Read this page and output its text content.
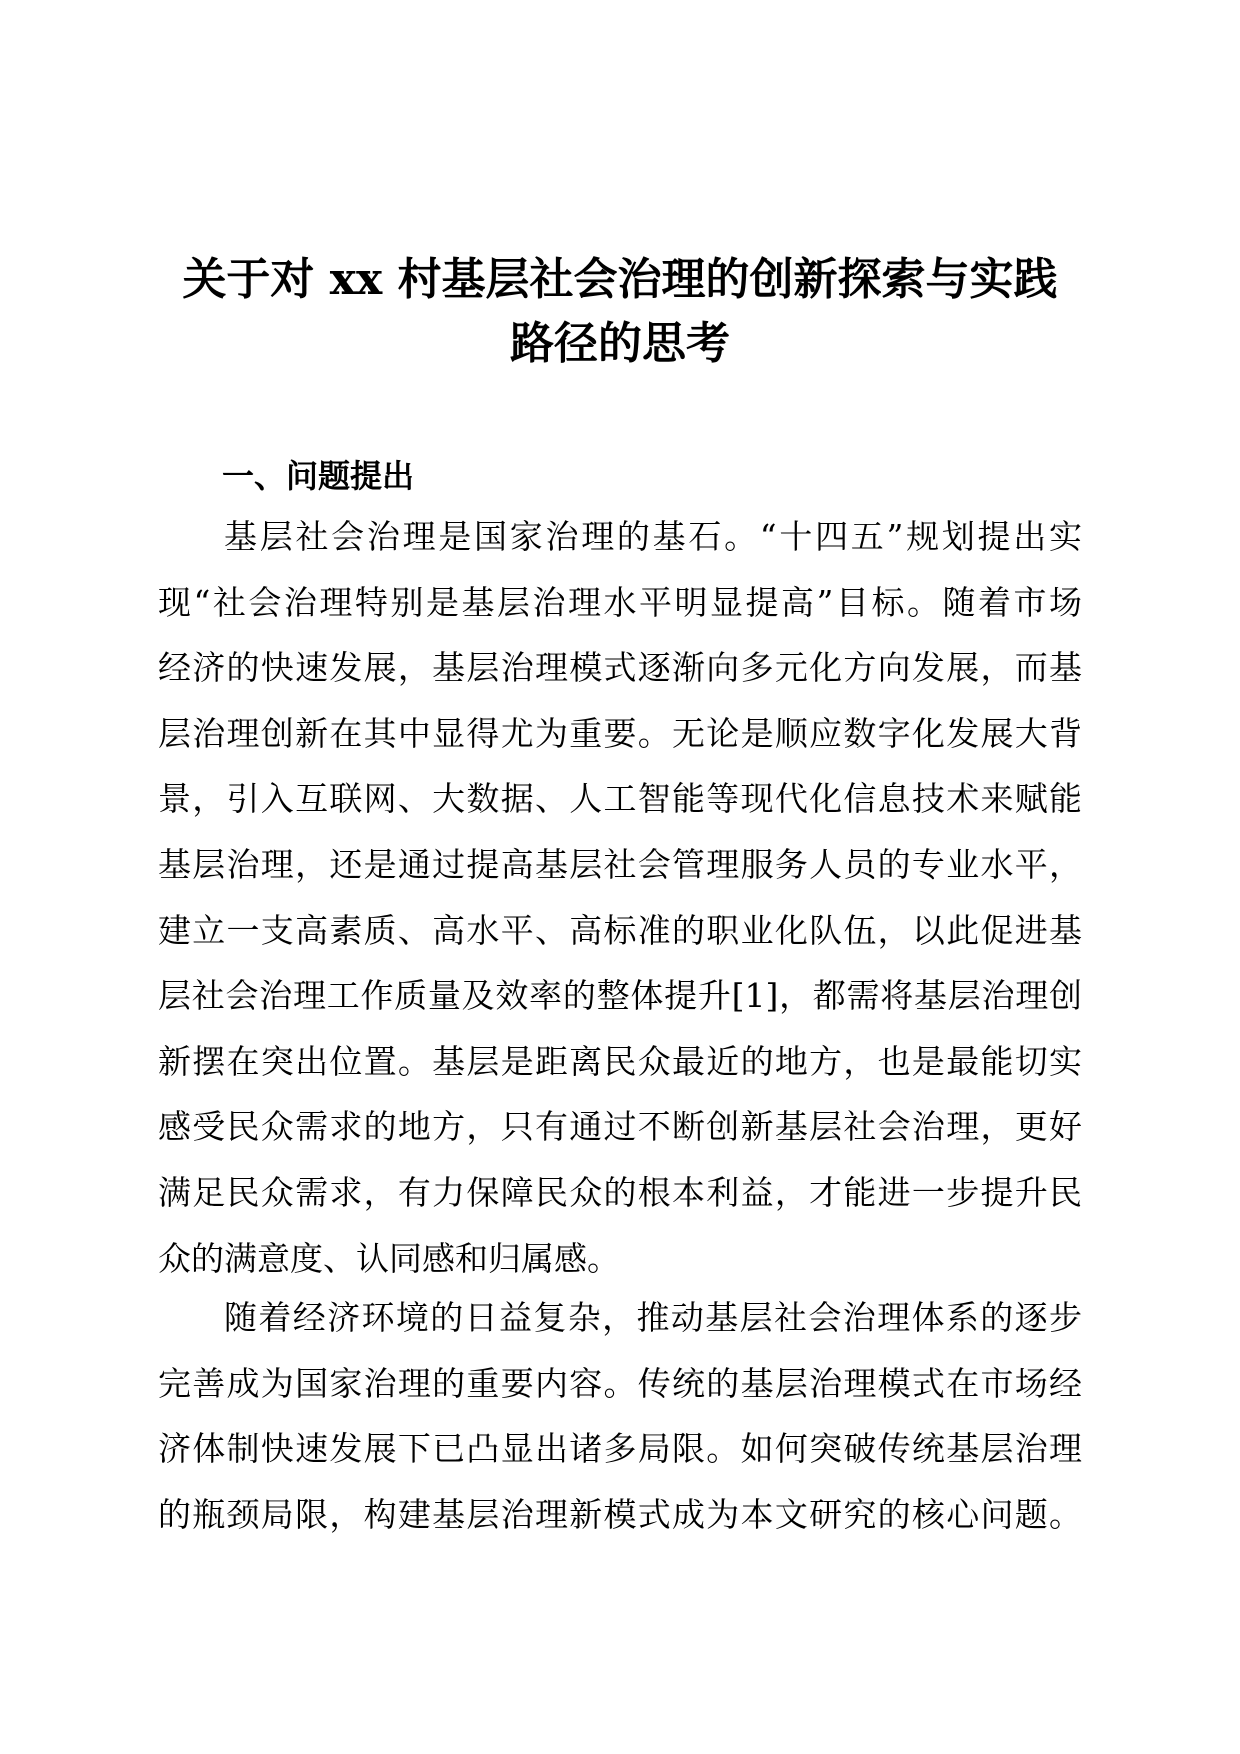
关于对 xx 村基层社会治理的创新探索与实践
路径的思考
一、问题提出
基层社会治理是国家治理的基石。“十四五”规划提出实
现“社会治理特别是基层治理水平明显提高”目标。随着市场
经济的快速发展，基层治理模式逐渐向多元化方向发展，而基
层治理创新在其中显得尤为重要。无论是顺应数字化发展大背
景，引入互联网、大数据、人工智能等现代化信息技术来赋能
基层治理，还是通过提高基层社会管理服务人员的专业水平，
建立一支高素质、高水平、高标准的职业化队伍，以此促进基
层社会治理工作质量及效率的整体提升[1]，都需将基层治理创
新摆在突出位置。基层是距离民众最近的地方，也是最能切实
感受民众需求的地方，只有通过不断创新基层社会治理，更好
满足民众需求，有力保障民众的根本利益，才能进一步提升民
众的满意度、认同感和归属感。
随着经济环境的日益复杂，推动基层社会治理体系的逐步
完善成为国家治理的重要内容。传统的基层治理模式在市场经
济体制快速发展下已凸显出诸多局限。如何突破传统基层治理
的瓶颈局限，构建基层治理新模式成为本文研究的核心问题。
